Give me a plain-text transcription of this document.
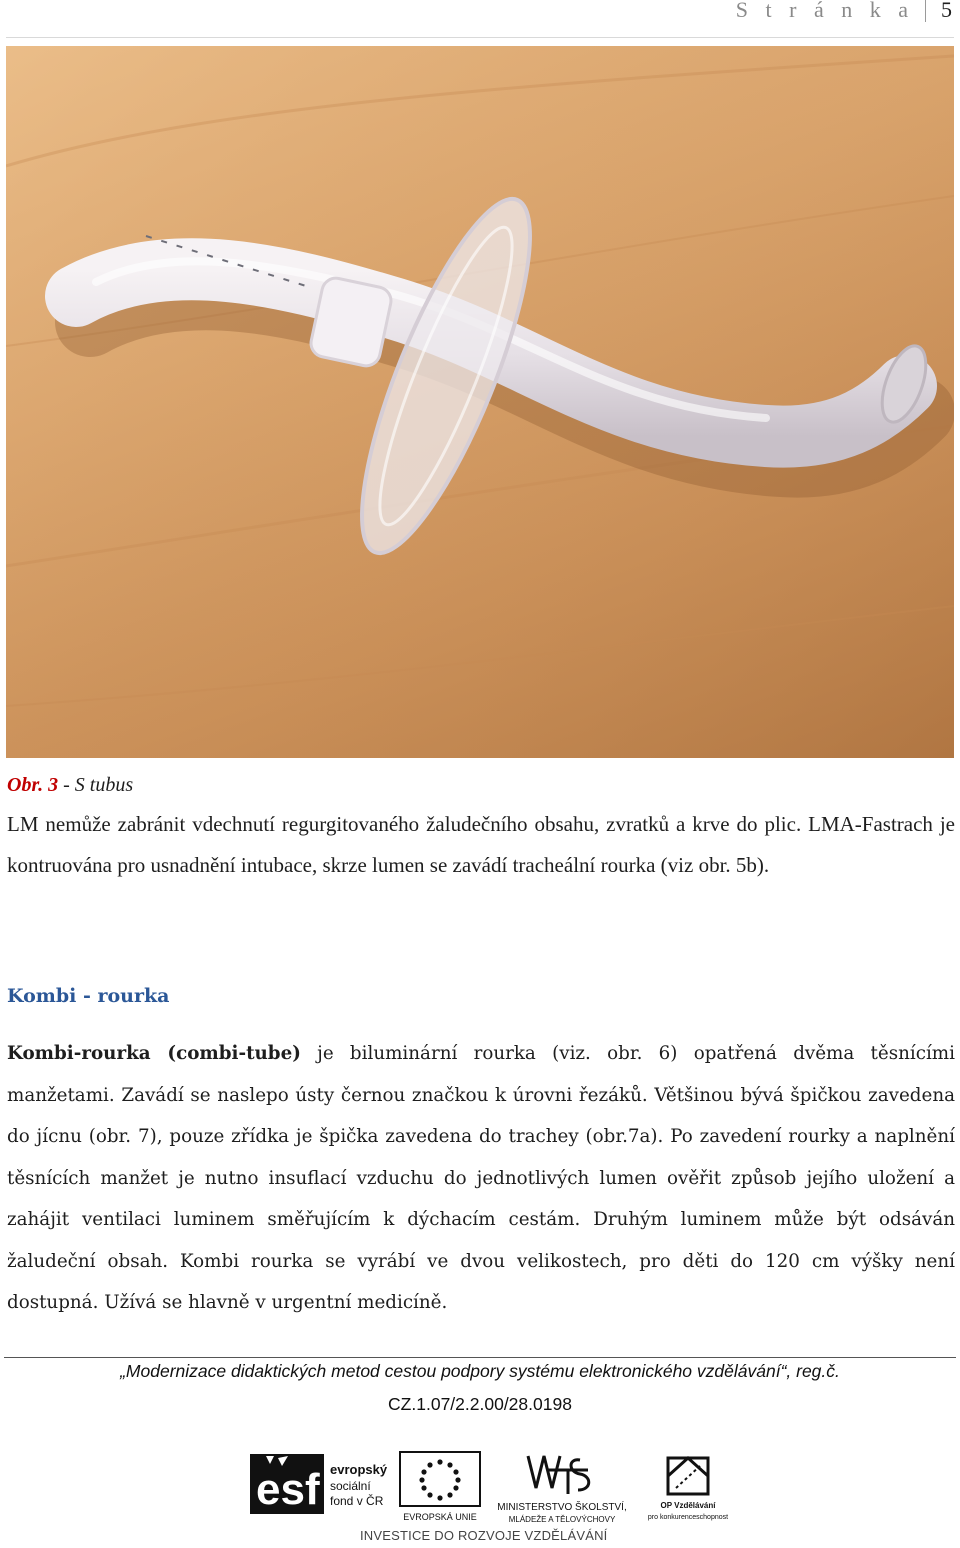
S t r á n k a 5
Obr. 3 - S tubus
LM nemůže zabránit vdechnutí regurgitovaného žaludečního obsahu, zvratků a krve do plic. LMA-Fastrach je kontruována pro usnadnění intubace, skrze lumen se zavádí tracheální rourka (viz obr. 5b).
Kombi - rourka
Kombi-rourka (combi-tube) je biluminární rourka (viz. obr. 6) opatřená dvěma těsnícími manžetami. Zavádí se naslepo ústy černou značkou k úrovni řezáků. Většinou bývá špičkou zavedena do jícnu (obr. 7), pouze zřídka je špička zavedena do trachey (obr.7a). Po zavedení rourky a naplnění těsnících manžet je nutno insuflací vzduchu do jednotlivých lumen ověřit způsob jejího uložení a zahájit ventilaci luminem směřujícím k dýchacím cestám. Druhým luminem může být odsáván žaludeční obsah. Kombi rourka se vyrábí ve dvou velikostech, pro děti do 120 cm výšky není dostupná. Užívá se hlavně v urgentní medicíně.
„Modernizace didaktických metod cestou podpory systému elektronického vzdělávání“, reg.č.
CZ.1.07/2.2.00/28.0198
esf evropský
sociální
fond v ČR
EVROPSKÁ UNIE
MINISTERSTVO ŠKOLSTVÍ,
MLÁDEŽE A TĚLOVÝCHOVY
OP Vzdělávání
pro konkurenceschopnost
INVESTICE DO ROZVOJE VZDĚLÁVÁNÍ
